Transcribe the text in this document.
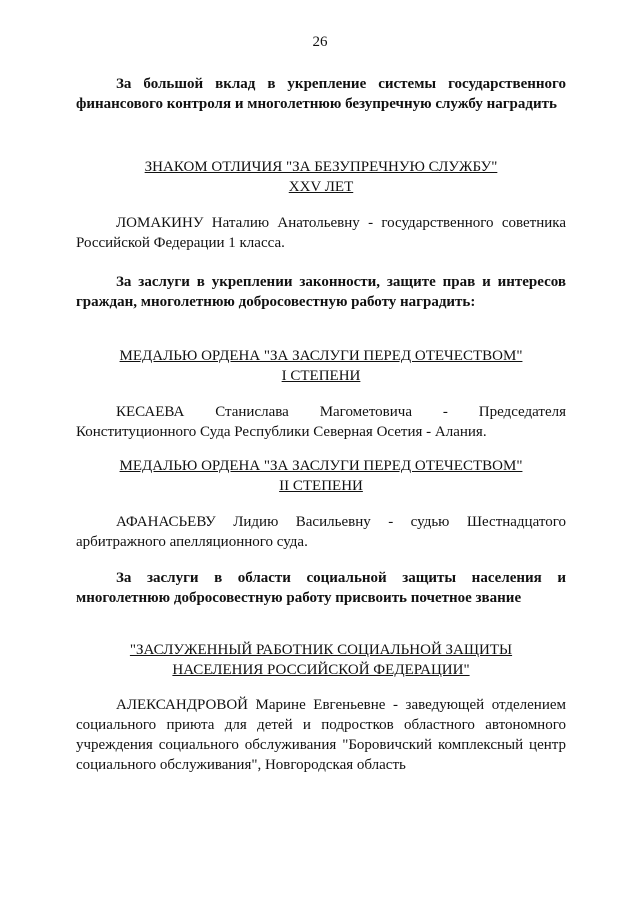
26

За большой вклад в укрепление системы государственного финансового контроля и многолетнюю безупречную службу наградить

ЗНАКОМ ОТЛИЧИЯ "ЗА БЕЗУПРЕЧНУЮ СЛУЖБУ"
XXV ЛЕТ

ЛОМАКИНУ Наталию Анатольевну - государственного советника Российской Федерации 1 класса.

За заслуги в укреплении законности, защите прав и интересов граждан, многолетнюю добросовестную работу наградить:

МЕДАЛЬЮ ОРДЕНА "ЗА ЗАСЛУГИ ПЕРЕД ОТЕЧЕСТВОМ"
I СТЕПЕНИ

КЕСАЕВА Станислава Магометовича - Председателя Конституционного Суда Республики Северная Осетия - Алания.

МЕДАЛЬЮ ОРДЕНА "ЗА ЗАСЛУГИ ПЕРЕД ОТЕЧЕСТВОМ"
II СТЕПЕНИ

АФАНАСЬЕВУ Лидию Васильевну - судью Шестнадцатого арбитражного апелляционного суда.

За заслуги в области социальной защиты населения и многолетнюю добросовестную работу присвоить почетное звание

"ЗАСЛУЖЕННЫЙ РАБОТНИК СОЦИАЛЬНОЙ ЗАЩИТЫ
НАСЕЛЕНИЯ РОССИЙСКОЙ ФЕДЕРАЦИИ"

АЛЕКСАНДРОВОЙ Марине Евгеньевне - заведующей отделением социального приюта для детей и подростков областного автономного учреждения социального обслуживания "Боровичский комплексный центр социального обслуживания", Новгородская область
